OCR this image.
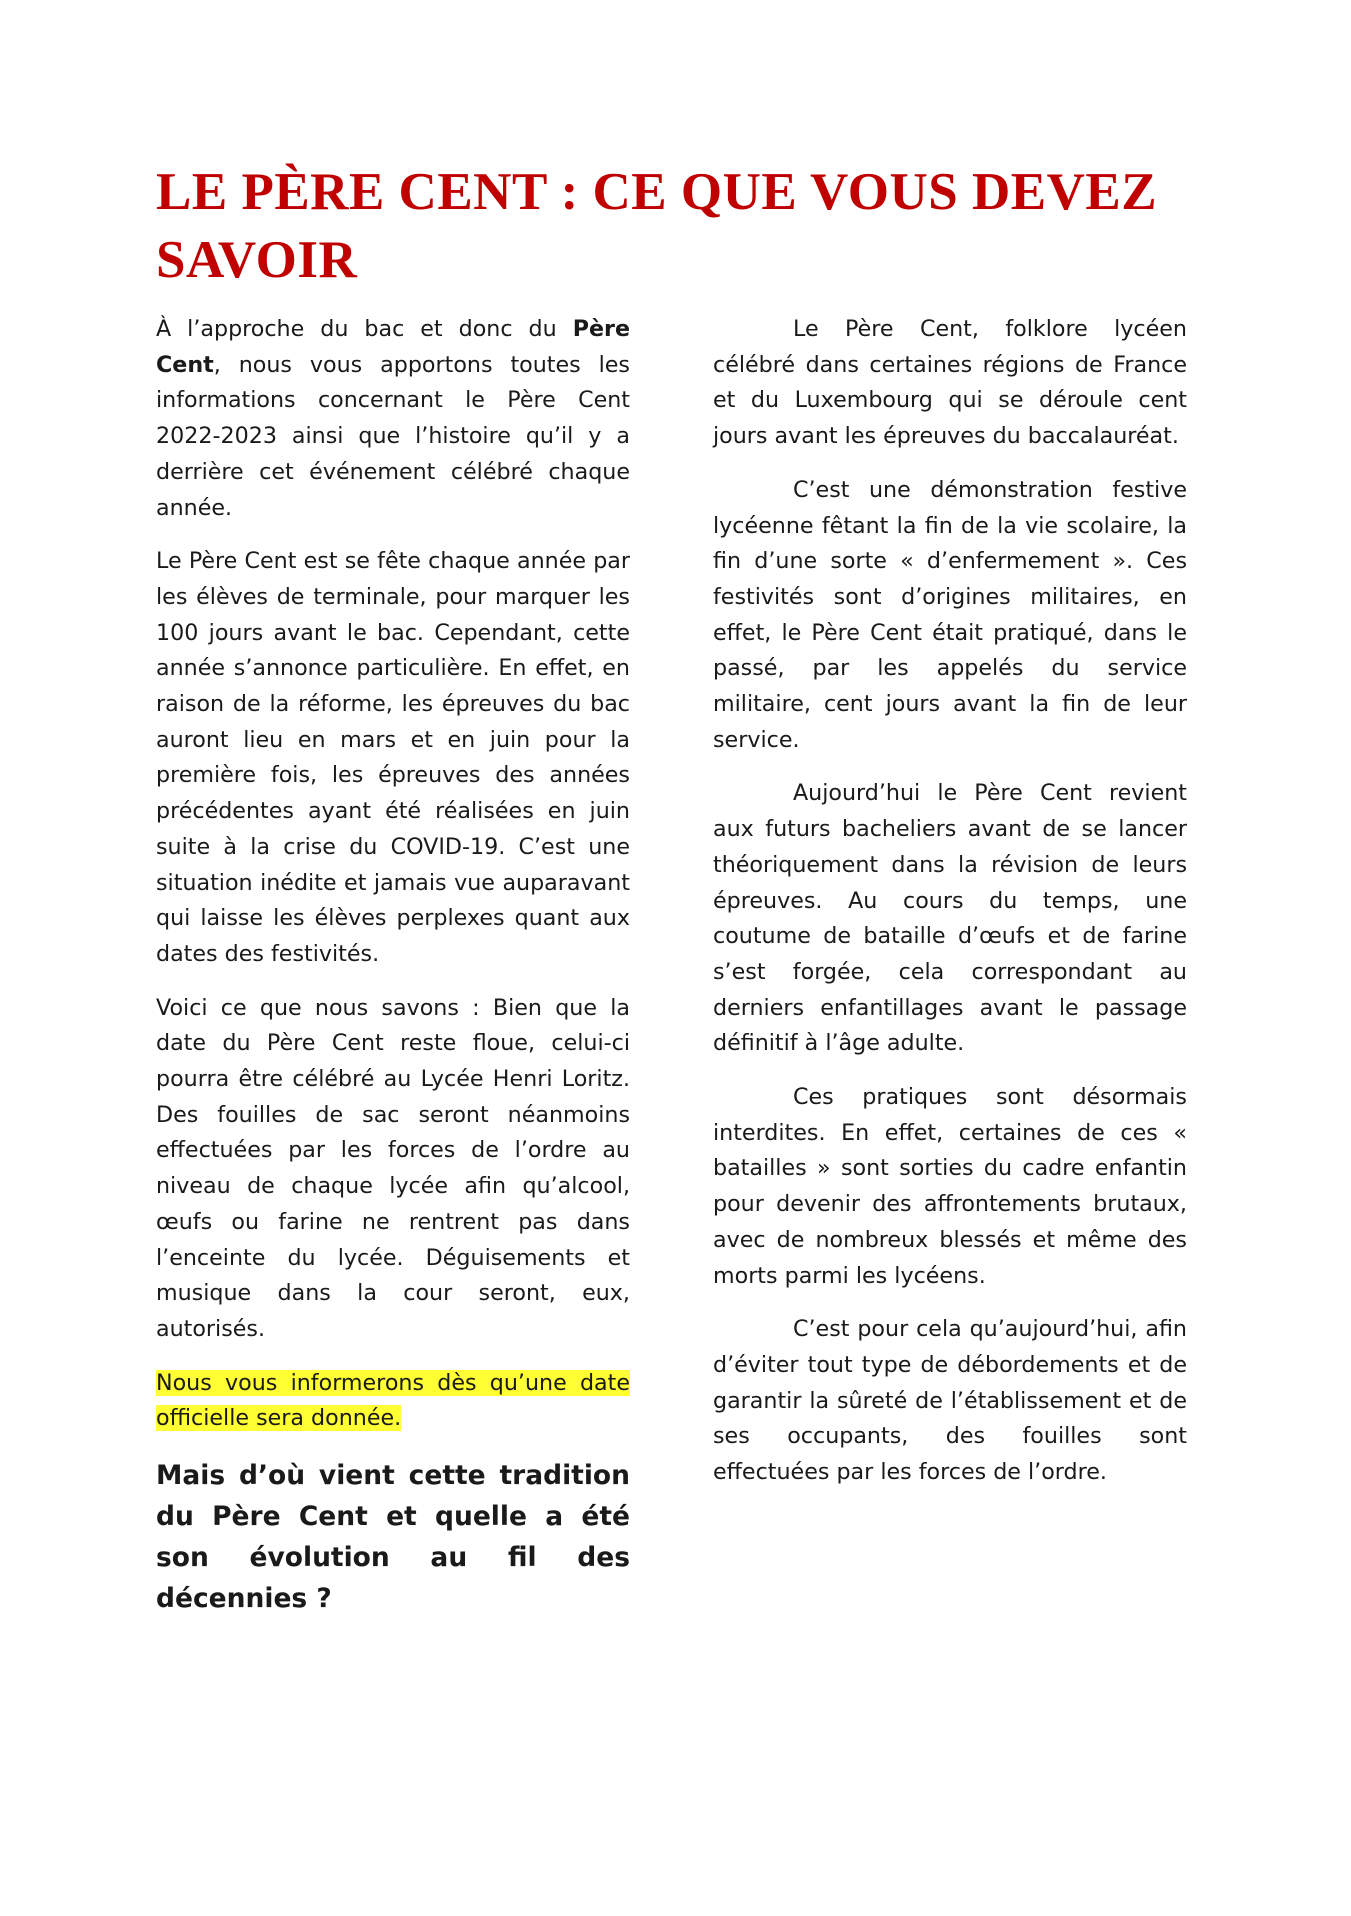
LE PÈRE CENT : CE QUE VOUS DEVEZ SAVOIR

À l’approche du bac et donc du Père Cent, nous vous apportons toutes les informations concernant le Père Cent 2022-2023 ainsi que l’histoire qu’il y a derrière cet événement célébré chaque année.

Le Père Cent est se fête chaque année par les élèves de terminale, pour marquer les 100 jours avant le bac. Cependant, cette année s’annonce particulière. En effet, en raison de la réforme, les épreuves du bac auront lieu en mars et en juin pour la première fois, les épreuves des années précédentes ayant été réalisées en juin suite à la crise du COVID-19. C’est une situation inédite et jamais vue auparavant qui laisse les élèves perplexes quant aux dates des festivités.

Voici ce que nous savons : Bien que la date du Père Cent reste floue, celui-ci pourra être célébré au Lycée Henri Loritz. Des fouilles de sac seront néanmoins effectuées par les forces de l’ordre au niveau de chaque lycée afin qu’alcool, œufs ou farine ne rentrent pas dans l’enceinte du lycée. Déguisements et musique dans la cour seront, eux, autorisés.

Nous vous informerons dès qu’une date officielle sera donnée.

Mais d’où vient cette tradition du Père Cent et quelle a été son évolution au fil des décennies ?

Le Père Cent, folklore lycéen célébré dans certaines régions de France et du Luxembourg qui se déroule cent jours avant les épreuves du baccalauréat.

C’est une démonstration festive lycéenne fêtant la fin de la vie scolaire, la fin d’une sorte « d’enfermement ». Ces festivités sont d’origines militaires, en effet, le Père Cent était pratiqué, dans le passé, par les appelés du service militaire, cent jours avant la fin de leur service.

Aujourd’hui le Père Cent revient aux futurs bacheliers avant de se lancer théoriquement dans la révision de leurs épreuves. Au cours du temps, une coutume de bataille d’œufs et de farine s’est forgée, cela correspondant au derniers enfantillages avant le passage définitif à l’âge adulte.

Ces pratiques sont désormais interdites. En effet, certaines de ces « batailles » sont sorties du cadre enfantin pour devenir des affrontements brutaux, avec de nombreux blessés et même des morts parmi les lycéens.

C’est pour cela qu’aujourd’hui, afin d’éviter tout type de débordements et de garantir la sûreté de l’établissement et de ses occupants, des fouilles sont effectuées par les forces de l’ordre.
